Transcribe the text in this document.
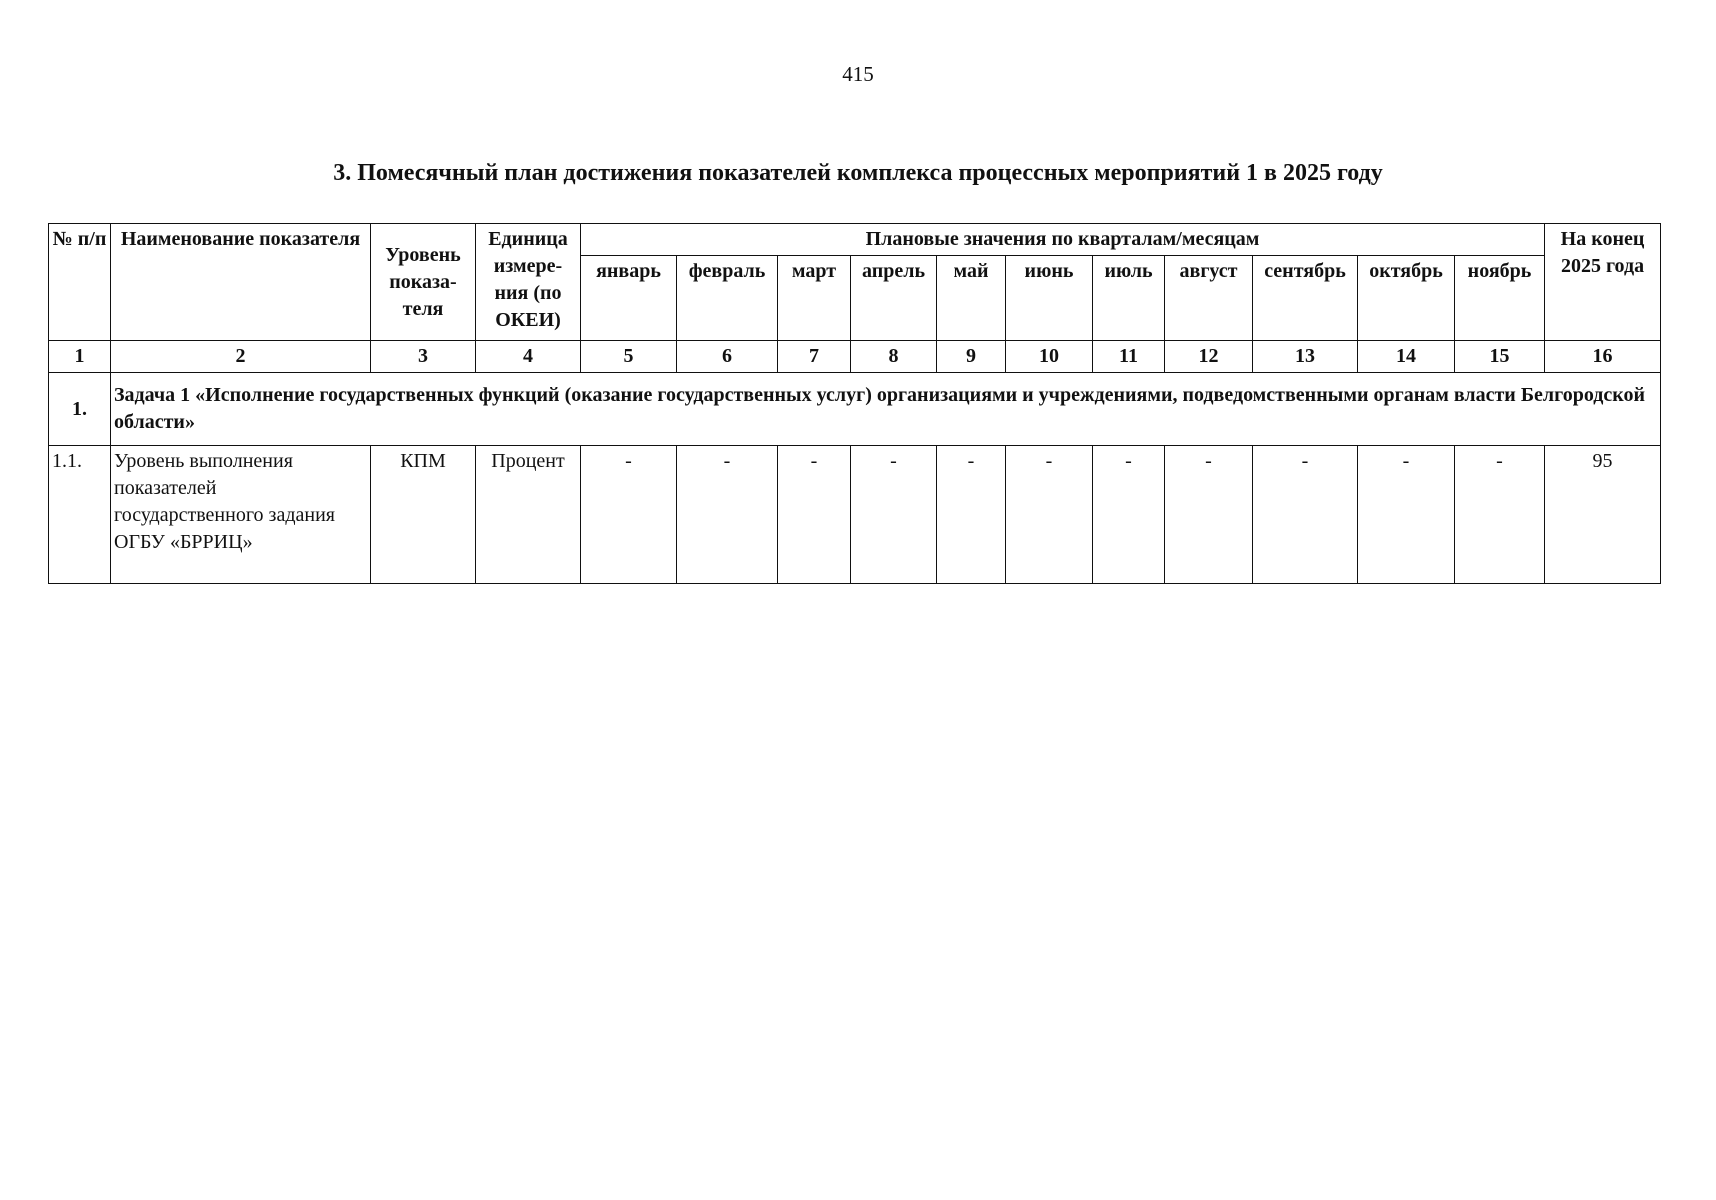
415
3. Помесячный план достижения показателей комплекса процессных мероприятий 1 в 2025 году
№ п/п	Наименование показателя	Уровень показа-теля	Единица измере-ния (по ОКЕИ)	Плановые значения по кварталам/месяцам											На конец 2025 года
				январь	февраль	март	апрель	май	июнь	июль	август	сентябрь	октябрь	ноябрь	
1	2	3	4	5	6	7	8	9	10	11	12	13	14	15	16
1.	Задача 1 «Исполнение государственных функций (оказание государственных услуг) организациями и учреждениями, подведомственными органам власти Белгородской области»														
1.1.	Уровень выполнения показателей государственного задания ОГБУ «БРРИЦ»	КПМ	Процент	-	-	-	-	-	-	-	-	-	-	-	95
